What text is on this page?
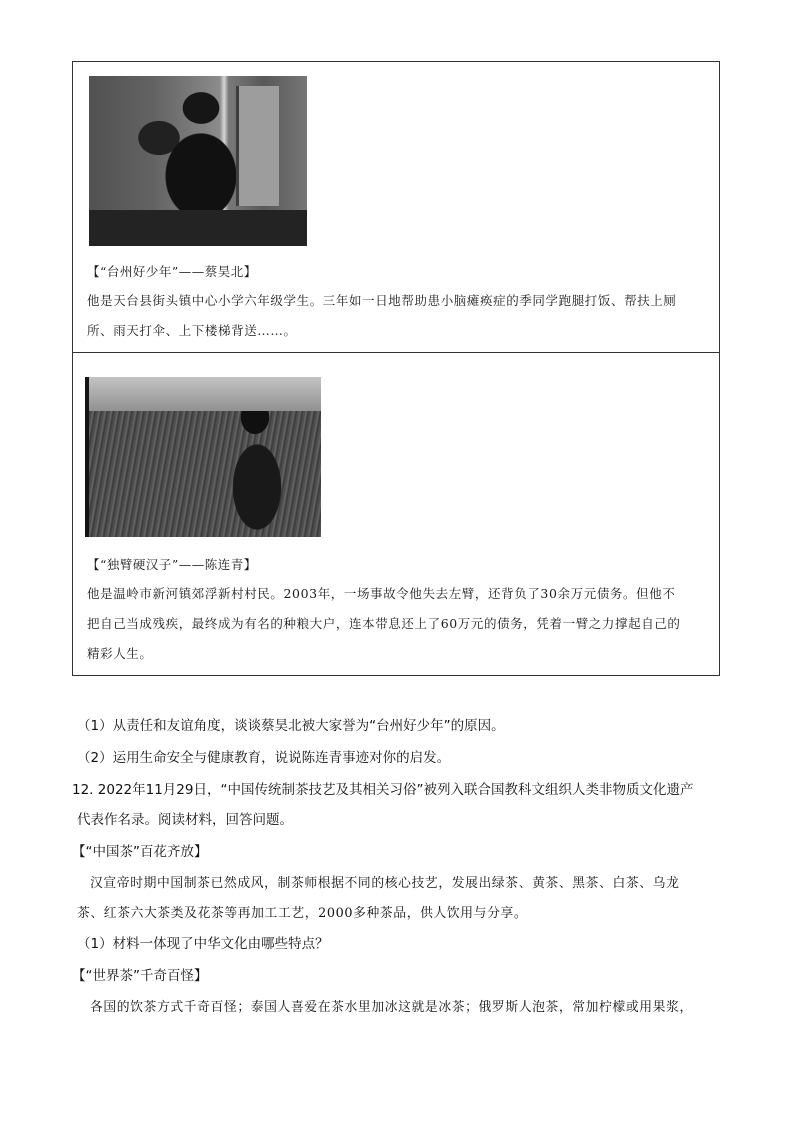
【“台州好少年”——蔡昊北】
他是天台县街头镇中心小学六年级学生。三年如一日地帮助患小脑瘫痪症的季同学跑腿打饭、帮扶上厕
所、雨天打伞、上下楼梯背送……。
【“独臂硬汉子”——陈连青】
他是温岭市新河镇郊浮新村村民。2003年，一场事故令他失去左臂，还背负了30余万元债务。但他不
把自己当成残疾，最终成为有名的种粮大户，连本带息还上了60万元的债务，凭着一臂之力撑起自己的
精彩人生。
（1）从责任和友谊角度，谈谈蔡昊北被大家誉为“台州好少年”的原因。
（2）运用生命安全与健康教育，说说陈连青事迹对你的启发。
12. 2022年11月29日，“中国传统制茶技艺及其相关习俗”被列入联合国教科文组织人类非物质文化遗产
代表作名录。阅读材料，回答问题。
【“中国茶”百花齐放】
汉宣帝时期中国制茶已然成风，制茶师根据不同的核心技艺，发展出绿茶、黄茶、黑茶、白茶、乌龙
茶、红茶六大茶类及花茶等再加工工艺，2000多种茶品，供人饮用与分享。
（1）材料一体现了中华文化由哪些特点？
【“世界茶”千奇百怪】
各国的饮茶方式千奇百怪；泰国人喜爱在茶水里加冰这就是冰茶；俄罗斯人泡茶，常加柠檬或用果浆，
